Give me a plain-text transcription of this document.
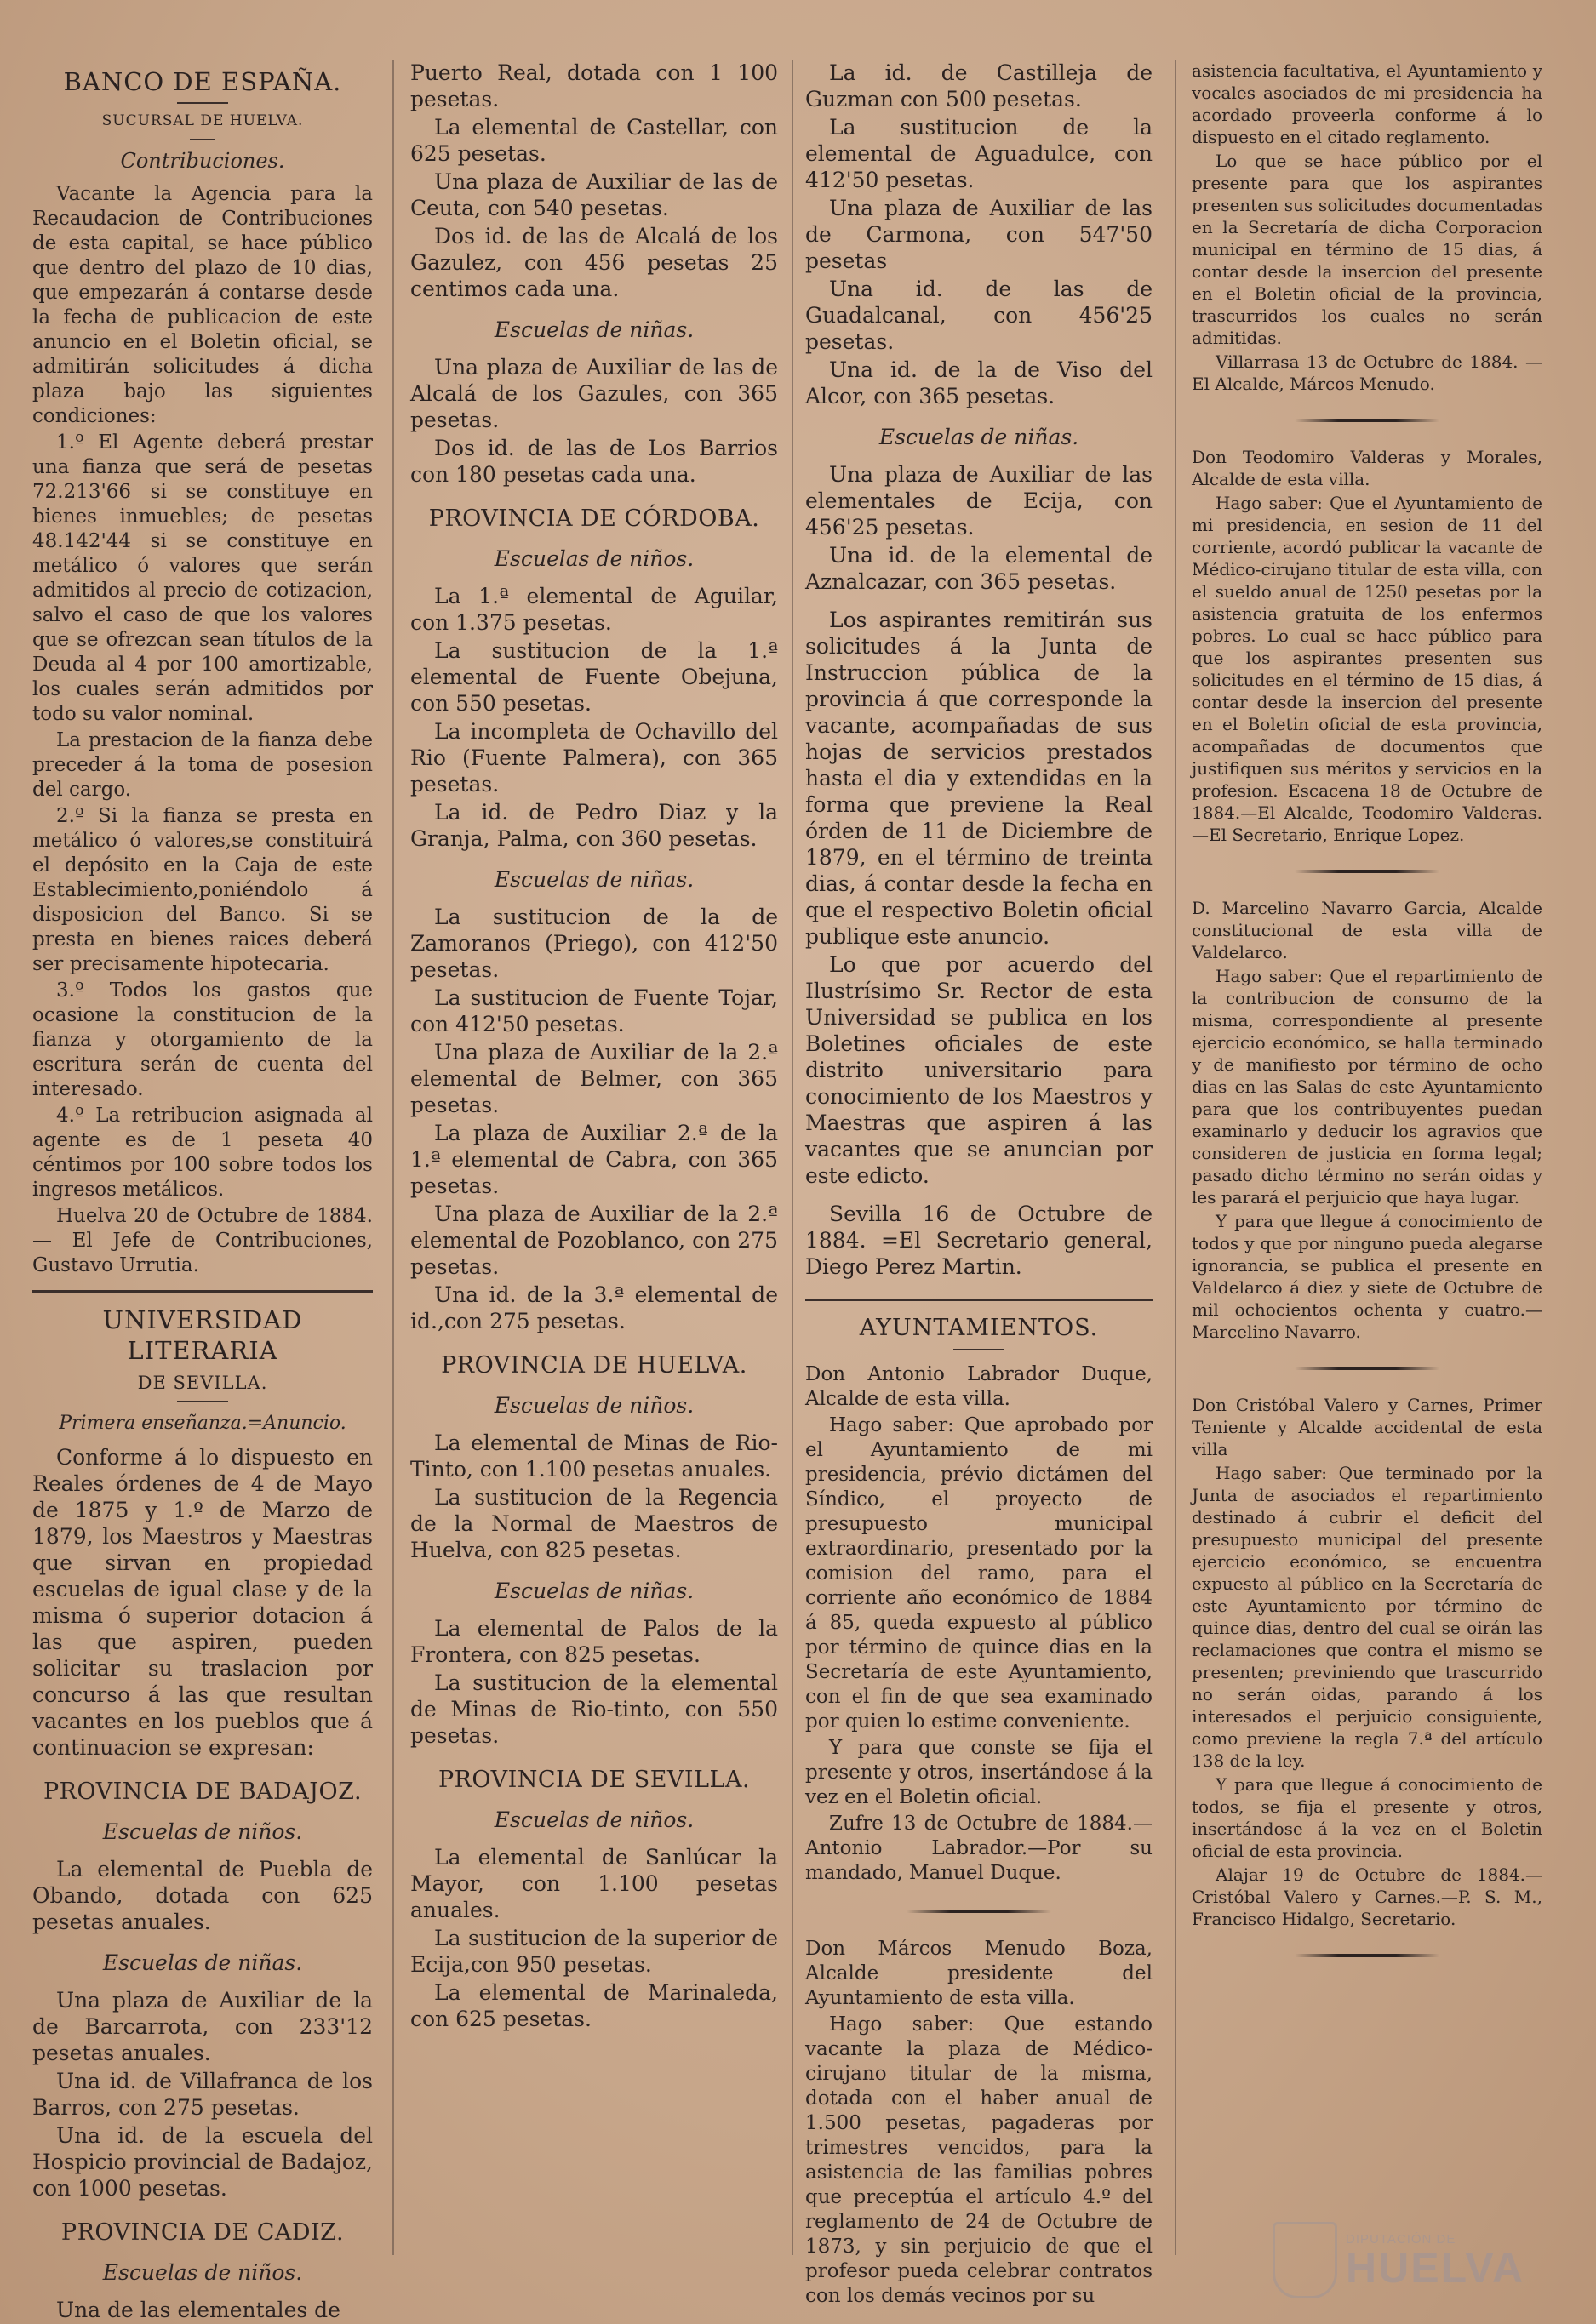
BANCO DE ESPAÑA.
SUCURSAL DE HUELVA.
Contribuciones.

Vacante la Agencia para la Recaudacion de Contribuciones de esta capital, se hace público que dentro del plazo de 10 dias, que empezarán á contarse desde la fecha de publicacion de este anuncio en el Boletin oficial, se admitirán solicitudes á dicha plaza bajo las siguientes condiciones:

1.º El Agente deberá prestar una fianza que será de pesetas 72.213'66 si se constituye en bienes inmuebles; de pesetas 48.142'44 si se constituye en metálico ó valores que serán admitidos al precio de cotizacion, salvo el caso de que los valores que se ofrezcan sean títulos de la Deuda al 4 por 100 amortizable, los cuales serán admitidos por todo su valor nominal.

La prestacion de la fianza debe preceder á la toma de posesion del cargo.

2.º Si la fianza se presta en metálico ó valores,se constituirá el depósito en la Caja de este Establecimiento,poniéndolo á disposicion del Banco. Si se presta en bienes raices deberá ser precisamente hipotecaria.

3.º Todos los gastos que ocasione la constitucion de la fianza y otorgamiento de la escritura serán de cuenta del interesado.

4.º La retribucion asignada al agente es de 1 peseta 40 céntimos por 100 sobre todos los ingresos metálicos.

Huelva 20 de Octubre de 1884.— El Jefe de Contribuciones, Gustavo Urrutia.

UNIVERSIDAD LITERARIA
DE SEVILLA.
Primera enseñanza.=Anuncio.

Conforme á lo dispuesto en Reales órdenes de 4 de Mayo de 1875 y 1.º de Marzo de 1879, los Maestros y Maestras que sirvan en propiedad escuelas de igual clase y de la misma ó superior dotacion á las que aspiren, pueden solicitar su traslacion por concurso á las que resultan vacantes en los pueblos que á continuacion se expresan:

PROVINCIA DE BADAJOZ.
Escuelas de niños.

La elemental de Puebla de Obando, dotada con 625 pesetas anuales.

Escuelas de niñas.

Una plaza de Auxiliar de la de Barcarrota, con 233'12 pesetas anuales.

Una id. de Villafranca de los Barros, con 275 pesetas.

Una id. de la escuela del Hospicio provincial de Badajoz, con 1000 pesetas.

PROVINCIA DE CADIZ.
Escuelas de niños.

Una de las elementales de

Puerto Real, dotada con 1 100 pesetas.

La elemental de Castellar, con 625 pesetas.

Una plaza de Auxiliar de las de Ceuta, con 540 pesetas.

Dos id. de las de Alcalá de los Gazulez, con 456 pesetas 25 centimos cada una.

Escuelas de niñas.

Una plaza de Auxiliar de las de Alcalá de los Gazules, con 365 pesetas.

Dos id. de las de Los Barrios con 180 pesetas cada una.

PROVINCIA DE CÓRDOBA.
Escuelas de niños.

La 1.ª elemental de Aguilar, con 1.375 pesetas.

La sustitucion de la 1.ª elemental de Fuente Obejuna, con 550 pesetas.

La incompleta de Ochavillo del Rio (Fuente Palmera), con 365 pesetas.

La id. de Pedro Diaz y la Granja, Palma, con 360 pesetas.

Escuelas de niñas.

La sustitucion de la de Zamoranos (Priego), con 412'50 pesetas.

La sustitucion de Fuente Tojar, con 412'50 pesetas.

Una plaza de Auxiliar de la 2.ª elemental de Belmer, con 365 pesetas.

La plaza de Auxiliar 2.ª de la 1.ª elemental de Cabra, con 365 pesetas.

Una plaza de Auxiliar de la 2.ª elemental de Pozoblanco, con 275 pesetas.

Una id. de la 3.ª elemental de id.,con 275 pesetas.

PROVINCIA DE HUELVA.
Escuelas de niños.

La elemental de Minas de Rio-Tinto, con 1.100 pesetas anuales.

La sustitucion de la Regencia de la Normal de Maestros de Huelva, con 825 pesetas.

Escuelas de niñas.

La elemental de Palos de la Frontera, con 825 pesetas.

La sustitucion de la elemental de Minas de Rio-tinto, con 550 pesetas.

PROVINCIA DE SEVILLA.
Escuelas de niños.

La elemental de Sanlúcar la Mayor, con 1.100 pesetas anuales.

La sustitucion de la superior de Ecija,con 950 pesetas.

La elemental de Marinaleda, con 625 pesetas.

La id. de Castilleja de Guzman con 500 pesetas.

La sustitucion de la elemental de Aguadulce, con 412'50 pesetas.

Una plaza de Auxiliar de las de Carmona, con 547'50 pesetas

Una id. de las de Guadalcanal, con 456'25 pesetas.

Una id. de la de Viso del Alcor, con 365 pesetas.

Escuelas de niñas.

Una plaza de Auxiliar de las elementales de Ecija, con 456'25 pesetas.

Una id. de la elemental de Aznalcazar, con 365 pesetas.

Los aspirantes remitirán sus solicitudes á la Junta de Instruccion pública de la provincia á que corresponde la vacante, acompañadas de sus hojas de servicios prestados hasta el dia y extendidas en la forma que previene la Real órden de 11 de Diciembre de 1879, en el término de treinta dias, á contar desde la fecha en que el respectivo Boletin oficial publique este anuncio.

Lo que por acuerdo del Ilustrísimo Sr. Rector de esta Universidad se publica en los Boletines oficiales de este distrito universitario para conocimiento de los Maestros y Maestras que aspiren á las vacantes que se anuncian por este edicto.

Sevilla 16 de Octubre de 1884. =El Secretario general, Diego Perez Martin.

AYUNTAMIENTOS.

Don Antonio Labrador Duque, Alcalde de esta villa.

Hago saber: Que aprobado por el Ayuntamiento de mi presidencia, prévio dictámen del Síndico, el proyecto de presupuesto municipal extraordinario, presentado por la comision del ramo, para el corriente año económico de 1884 á 85, queda expuesto al público por término de quince dias en la Secretaría de este Ayuntamiento, con el fin de que sea examinado por quien lo estime conveniente.

Y para que conste se fija el presente y otros, insertándose á la vez en el Boletin oficial.

Zufre 13 de Octubre de 1884.— Antonio Labrador.—Por su mandado, Manuel Duque.

Don Márcos Menudo Boza, Alcalde presidente del Ayuntamiento de esta villa.

Hago saber: Que estando vacante la plaza de Médico-cirujano titular de la misma, dotada con el haber anual de 1.500 pesetas, pagaderas por trimestres vencidos, para la asistencia de las familias pobres que preceptúa el artículo 4.º del reglamento de 24 de Octubre de 1873, y sin perjuicio de que el profesor pueda celebrar contratos con los demás vecinos por su

asistencia facultativa, el Ayuntamiento y vocales asociados de mi presidencia ha acordado proveerla conforme á lo dispuesto en el citado reglamento.

Lo que se hace público por el presente para que los aspirantes presenten sus solicitudes documentadas en la Secretaría de dicha Corporacion municipal en término de 15 dias, á contar desde la insercion del presente en el Boletin oficial de la provincia, trascurridos los cuales no serán admitidas.

Villarrasa 13 de Octubre de 1884. —El Alcalde, Márcos Menudo.

Don Teodomiro Valderas y Morales, Alcalde de esta villa.

Hago saber: Que el Ayuntamiento de mi presidencia, en sesion de 11 del corriente, acordó publicar la vacante de Médico-cirujano titular de esta villa, con el sueldo anual de 1250 pesetas por la asistencia gratuita de los enfermos pobres. Lo cual se hace público para que los aspirantes presenten sus solicitudes en el término de 15 dias, á contar desde la insercion del presente en el Boletin oficial de esta provincia, acompañadas de documentos que justifiquen sus méritos y servicios en la profesion. Escacena 18 de Octubre de 1884.—El Alcalde, Teodomiro Valderas.—El Secretario, Enrique Lopez.

D. Marcelino Navarro Garcia, Alcalde constitucional de esta villa de Valdelarco.

Hago saber: Que el repartimiento de la contribucion de consumo de la misma, correspondiente al presente ejercicio económico, se halla terminado y de manifiesto por término de ocho dias en las Salas de este Ayuntamiento para que los contribuyentes puedan examinarlo y deducir los agravios que consideren de justicia en forma legal; pasado dicho término no serán oidas y les parará el perjuicio que haya lugar.

Y para que llegue á conocimiento de todos y que por ninguno pueda alegarse ignorancia, se publica el presente en Valdelarco á diez y siete de Octubre de mil ochocientos ochenta y cuatro.—Marcelino Navarro.

Don Cristóbal Valero y Carnes, Primer Teniente y Alcalde accidental de esta villa

Hago saber: Que terminado por la Junta de asociados el repartimiento destinado á cubrir el deficit del presupuesto municipal del presente ejercicio económico, se encuentra expuesto al público en la Secretaría de este Ayuntamiento por término de quince dias, dentro del cual se oirán las reclamaciones que contra el mismo se presenten; previniendo que trascurrido no serán oidas, parando á los interesados el perjuicio consiguiente, como previene la regla 7.ª del artículo 138 de la ley.

Y para que llegue á conocimiento de todos, se fija el presente y otros, insertándose á la vez en el Boletin oficial de esta provincia.

Alajar 19 de Octubre de 1884.— Cristóbal Valero y Carnes.—P. S. M., Francisco Hidalgo, Secretario.

DIPUTACIÓN DE
HUELVA
